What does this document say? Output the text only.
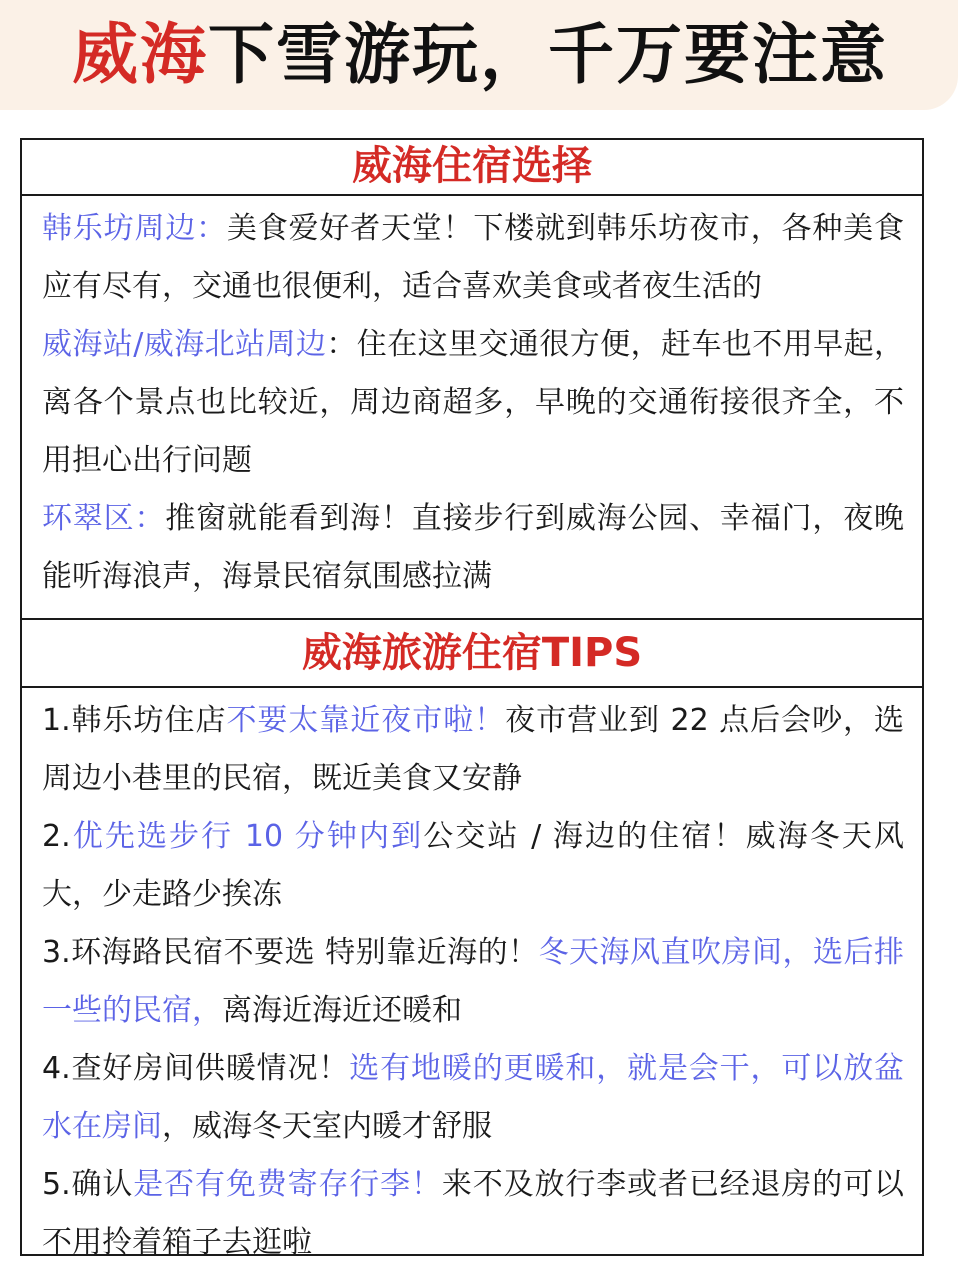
威海下雪游玩，千万要注意
威海住宿选择

韩乐坊周边：美食爱好者天堂！下楼就到韩乐坊夜市，各种美食应有尽有，交通也很便利，适合喜欢美食或者夜生活的

威海站/威海北站周边：住在这里交通很方便，赶车也不用早起，离各个景点也比较近，周边商超多，早晚的交通衔接很齐全，不用担心出行问题

环翠区：推窗就能看到海！直接步行到威海公园、幸福门，夜晚能听海浪声，海景民宿氛围感拉满

威海旅游住宿TIPS

1.韩乐坊住店不要太靠近夜市啦！夜市营业到 22 点后会吵，选周边小巷里的民宿，既近美食又安静

2.优先选步行 10 分钟内到公交站 / 海边的住宿！威海冬天风大，少走路少挨冻

3.环海路民宿不要选 特别靠近海的！冬天海风直吹房间，选后排 一些的民宿，离海近海近还暖和

4.查好房间供暖情况！选有地暖的更暖和，就是会干，可以放盆水在房间，威海冬天室内暖才舒服

5.确认是否有免费寄存行李！来不及放行李或者已经退房的可以不用拎着箱子去逛啦
